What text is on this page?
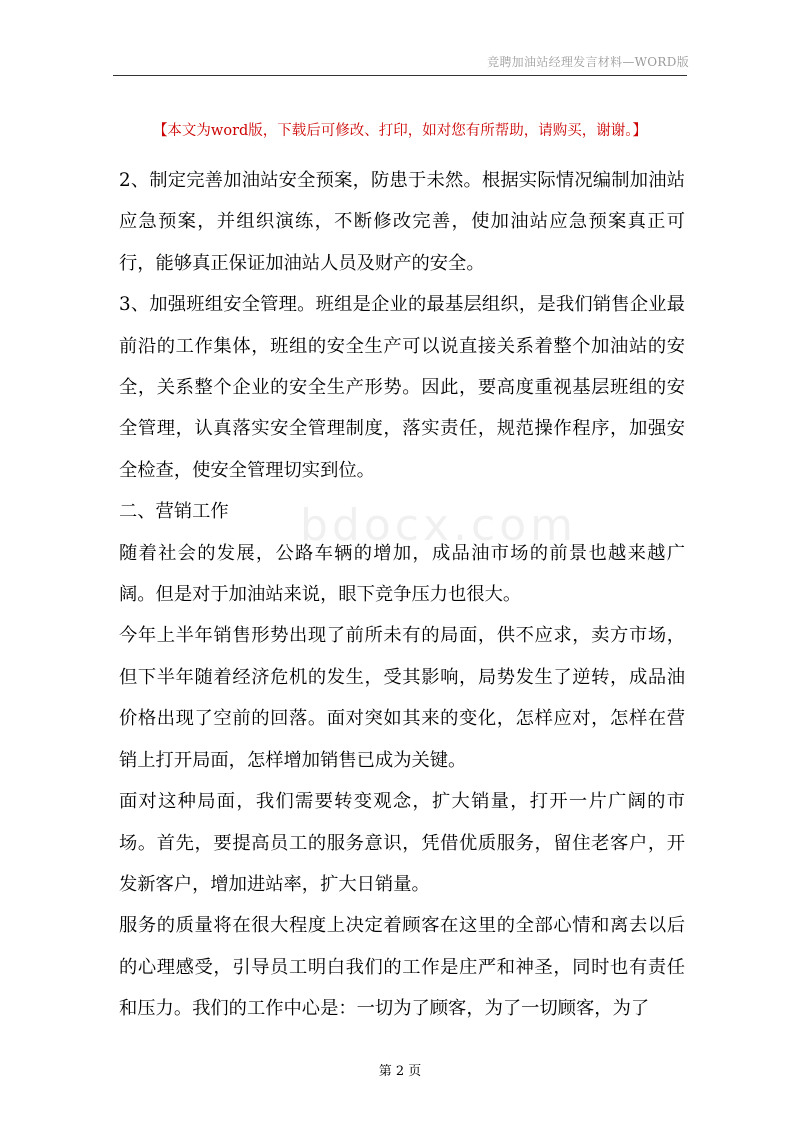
竞聘加油站经理发言材料—WORD版
【本文为word版，下载后可修改、打印，如对您有所帮助，请购买，谢谢。】
bdocx.com

2、制定完善加油站安全预案，防患于未然。根据实际情况编制加油站应急预案，并组织演练，不断修改完善，使加油站应急预案真正可行，能够真正保证加油站人员及财产的安全。

3、加强班组安全管理。班组是企业的最基层组织，是我们销售企业最前沿的工作集体，班组的安全生产可以说直接关系着整个加油站的安全，关系整个企业的安全生产形势。因此，要高度重视基层班组的安全管理，认真落实安全管理制度，落实责任，规范操作程序，加强安全检查，使安全管理切实到位。

二、营销工作

随着社会的发展，公路车辆的增加，成品油市场的前景也越来越广阔。但是对于加油站来说，眼下竞争压力也很大。

今年上半年销售形势出现了前所未有的局面，供不应求，卖方市场，但下半年随着经济危机的发生，受其影响，局势发生了逆转，成品油价格出现了空前的回落。面对突如其来的变化，怎样应对，怎样在营销上打开局面，怎样增加销售已成为关键。

面对这种局面，我们需要转变观念，扩大销量，打开一片广阔的市场。首先，要提高员工的服务意识，凭借优质服务，留住老客户，开发新客户，增加进站率，扩大日销量。

服务的质量将在很大程度上决定着顾客在这里的全部心情和离去以后的心理感受，引导员工明白我们的工作是庄严和神圣，同时也有责任和压力。我们的工作中心是：一切为了顾客，为了一切顾客，为了

第 2 页
